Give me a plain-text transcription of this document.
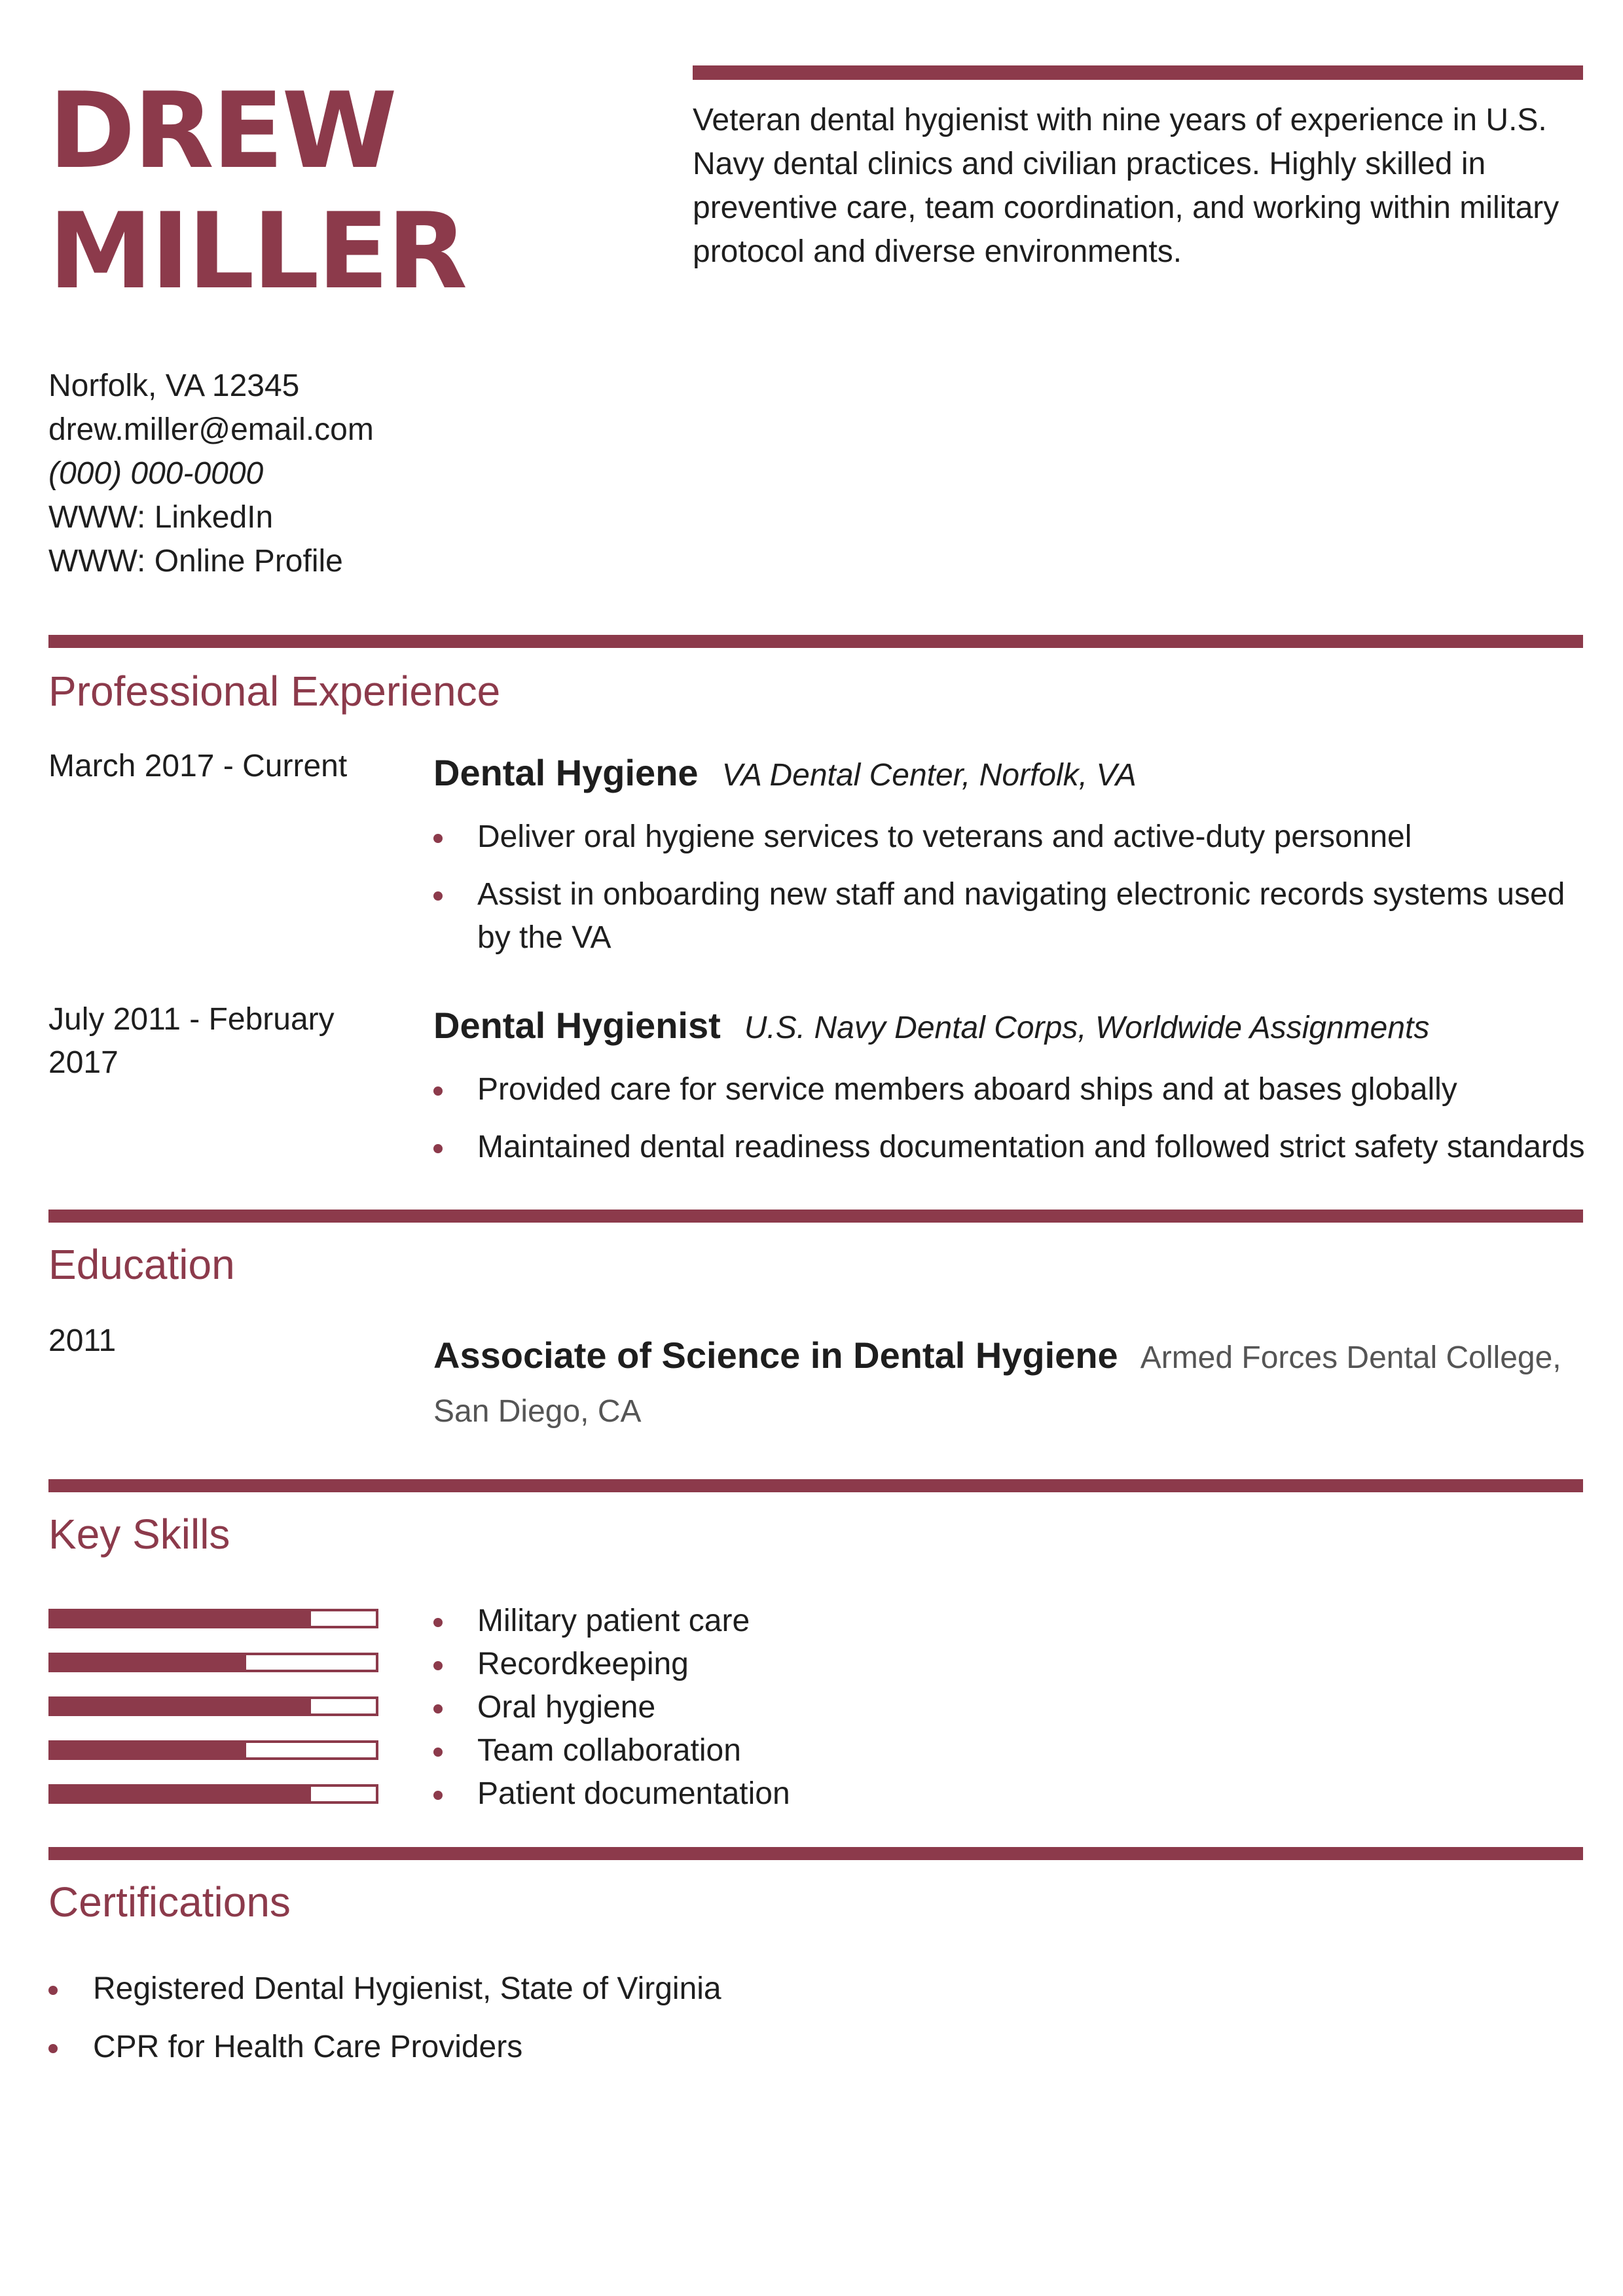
DREW
MILLER

Veteran dental hygienist with nine years of experience in U.S. Navy dental clinics and civilian practices. Highly skilled in preventive care, team coordination, and working within military protocol and diverse environments.

Norfolk, VA 12345
drew.miller@email.com
(000) 000-0000
WWW: LinkedIn
WWW: Online Profile
Professional Experience
March 2017 - Current	Dental Hygiene VA Dental Center, Norfolk, VA
Deliver oral hygiene services to veterans and active-duty personnel
Assist in onboarding new staff and navigating electronic records systems used by the VA
July 2011 - February 2017
Dental Hygienist U.S. Navy Dental Corps, Worldwide Assignments
Provided care for service members aboard ships and at bases globally
Maintained dental readiness documentation and followed strict safety standards
Education
2011	Associate of Science in Dental Hygiene Armed Forces Dental College, San Diego, CA
Key Skills
Military patient care
Recordkeeping
Oral hygiene
Team collaboration
Patient documentation
Certifications
Registered Dental Hygienist, State of Virginia
CPR for Health Care Providers
